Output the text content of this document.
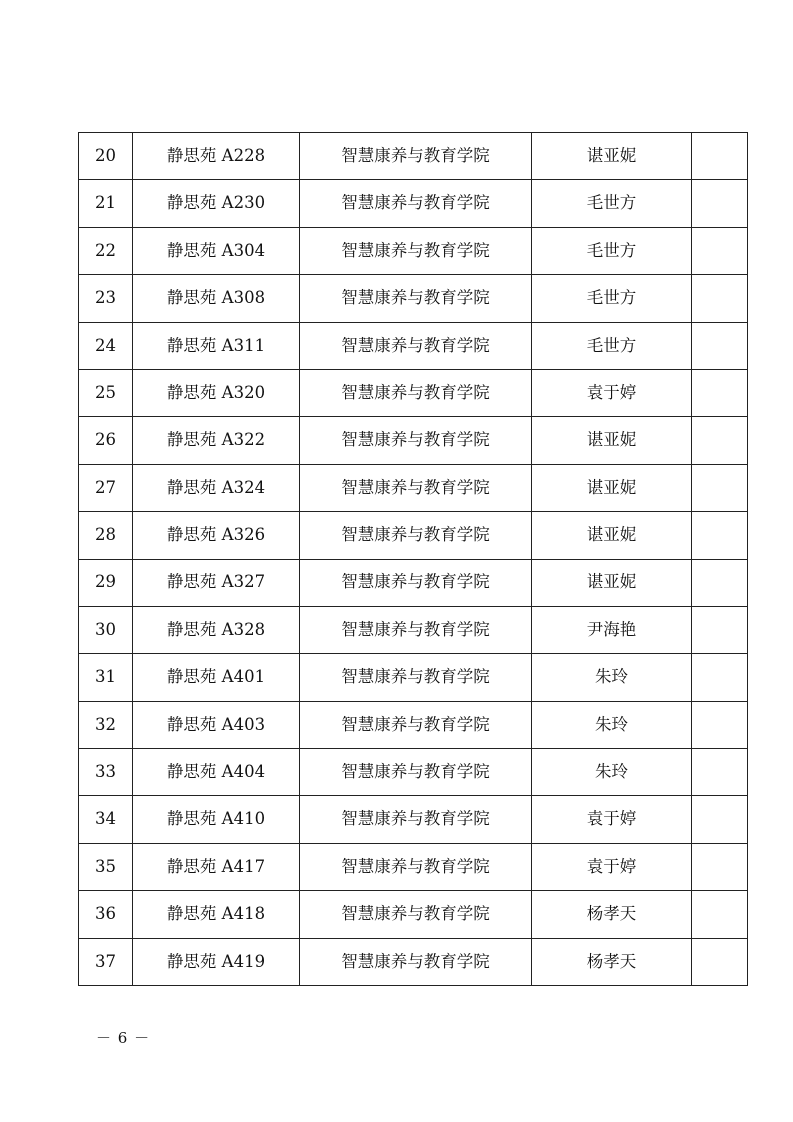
20	静思苑 A228	智慧康养与教育学院	谌亚妮	
21	静思苑 A230	智慧康养与教育学院	毛世方	
22	静思苑 A304	智慧康养与教育学院	毛世方	
23	静思苑 A308	智慧康养与教育学院	毛世方	
24	静思苑 A311	智慧康养与教育学院	毛世方	
25	静思苑 A320	智慧康养与教育学院	袁于婷	
26	静思苑 A322	智慧康养与教育学院	谌亚妮	
27	静思苑 A324	智慧康养与教育学院	谌亚妮	
28	静思苑 A326	智慧康养与教育学院	谌亚妮	
29	静思苑 A327	智慧康养与教育学院	谌亚妮	
30	静思苑 A328	智慧康养与教育学院	尹海艳	
31	静思苑 A401	智慧康养与教育学院	朱玲	
32	静思苑 A403	智慧康养与教育学院	朱玲	
33	静思苑 A404	智慧康养与教育学院	朱玲	
34	静思苑 A410	智慧康养与教育学院	袁于婷	
35	静思苑 A417	智慧康养与教育学院	袁于婷	
36	静思苑 A418	智慧康养与教育学院	杨孝天	
37	静思苑 A419	智慧康养与教育学院	杨孝天	
－ 6 －
